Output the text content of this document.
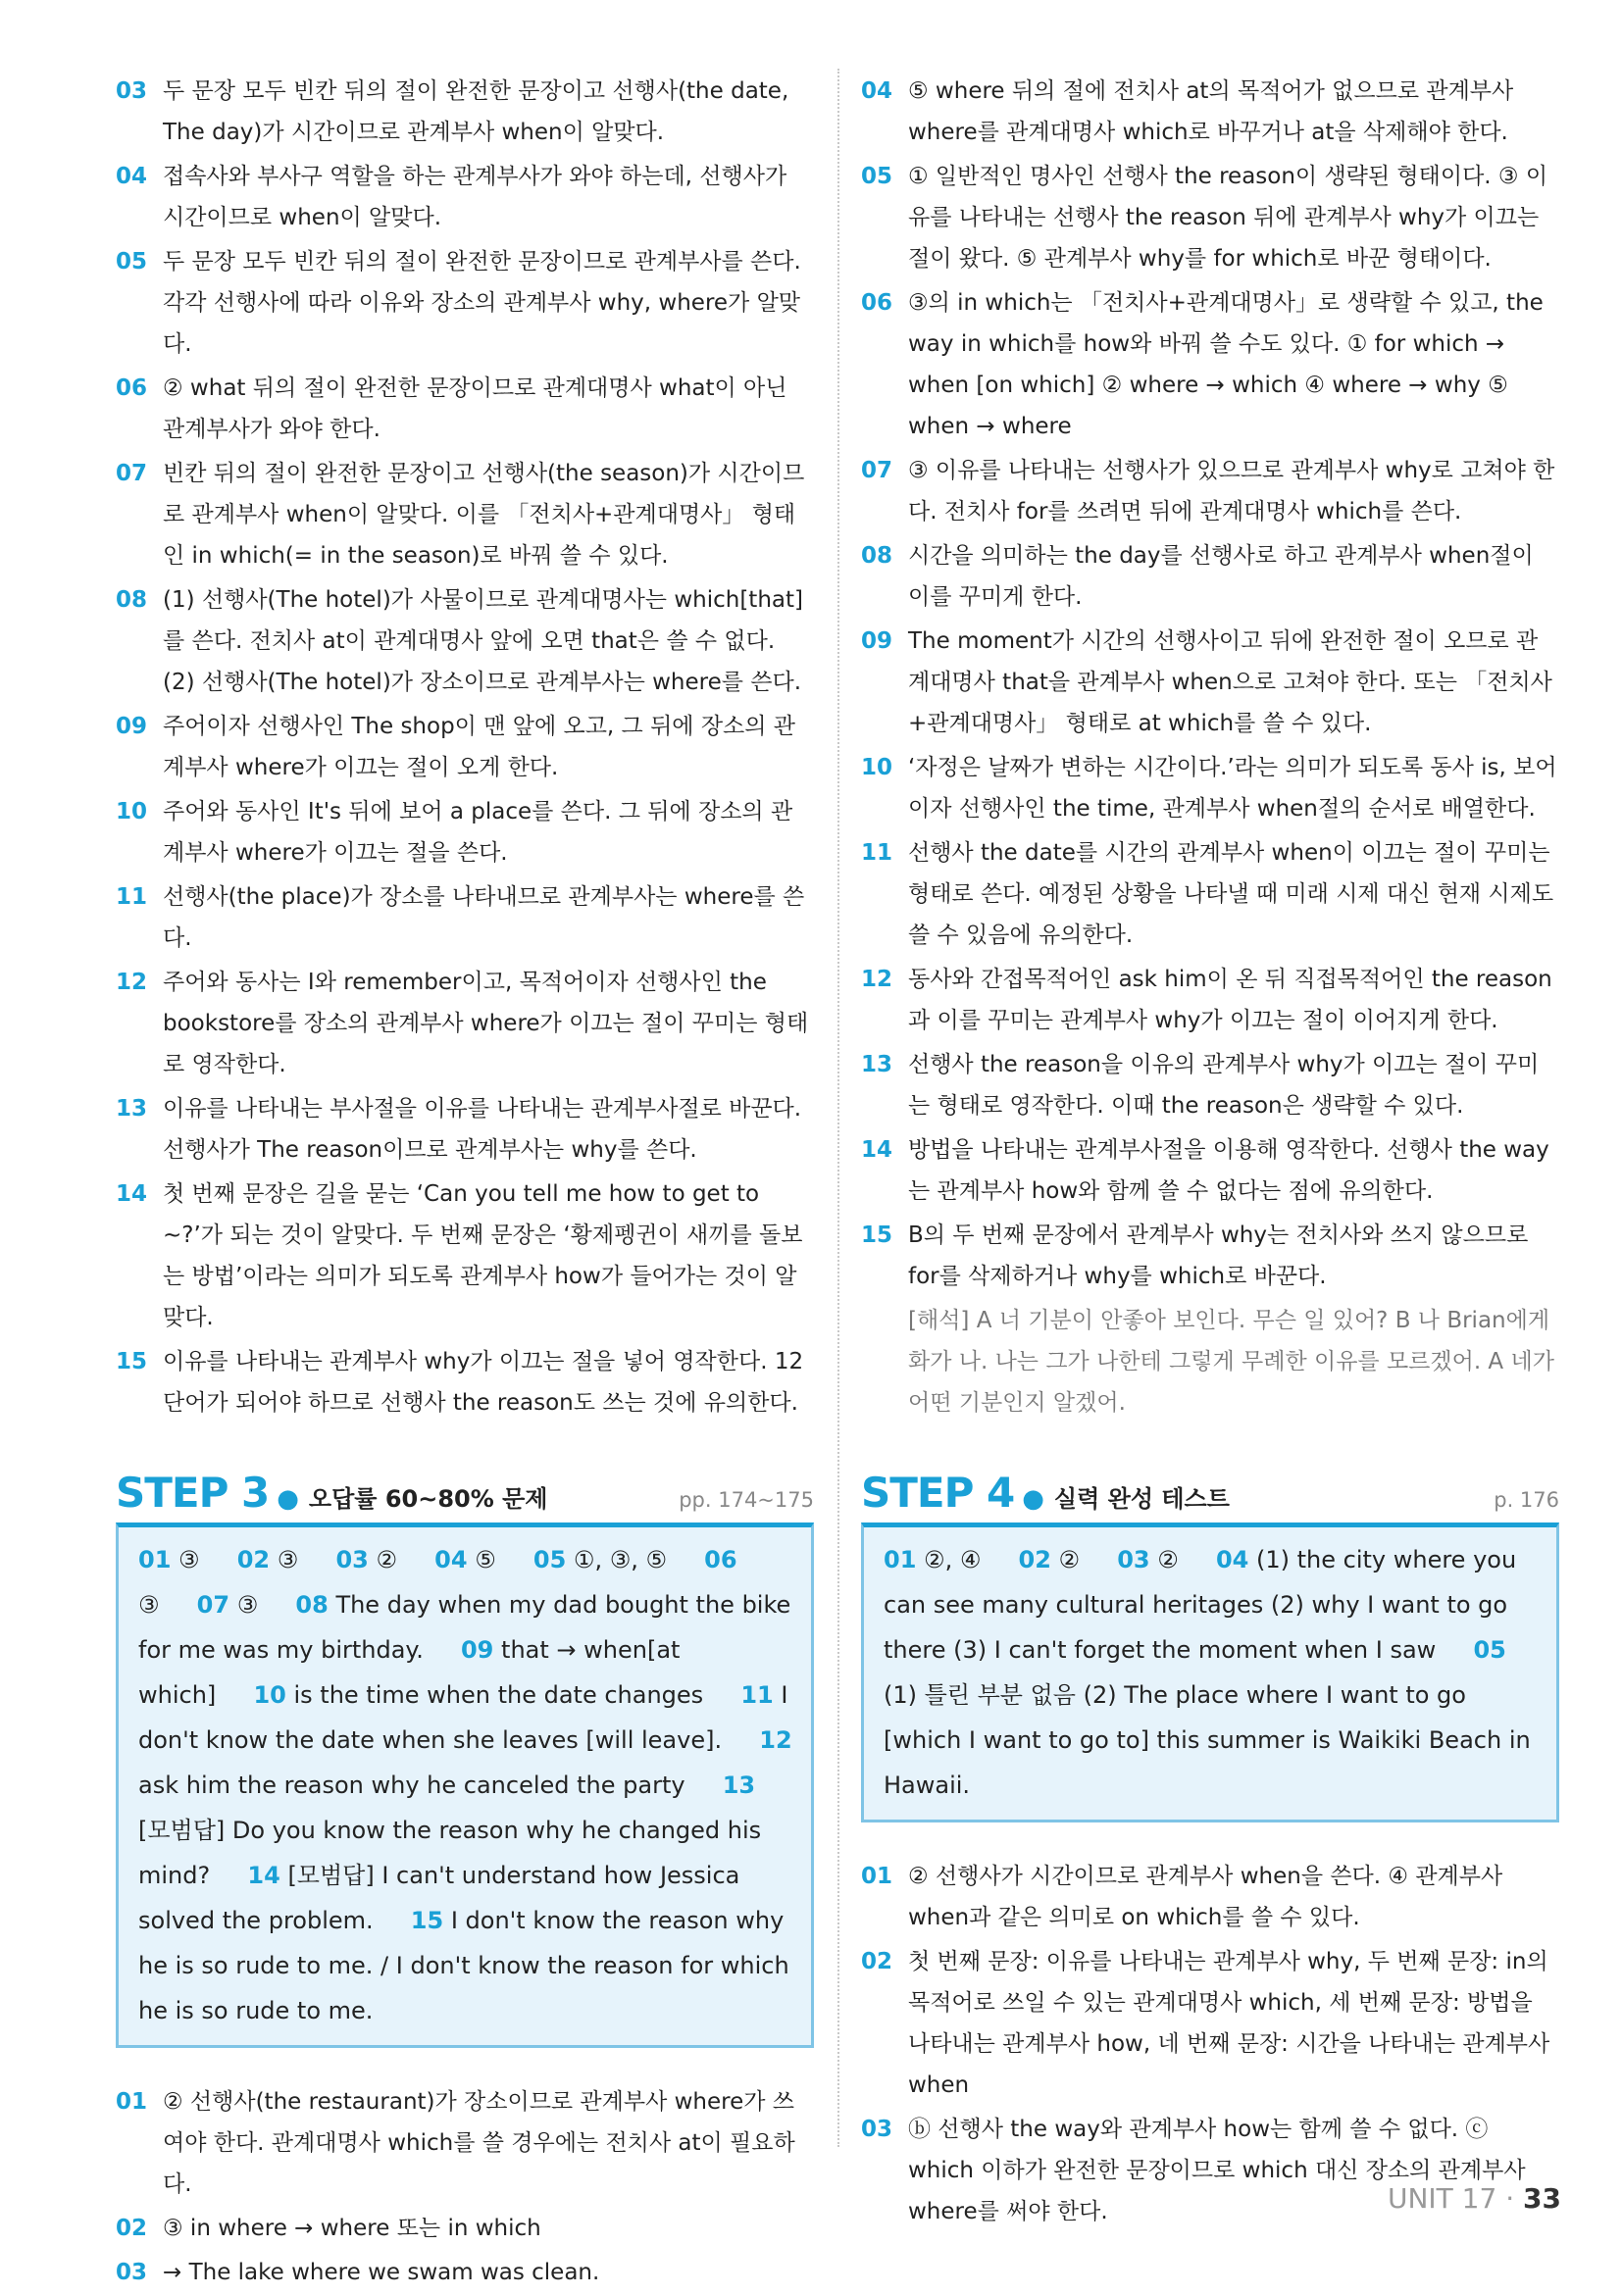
03 두 문장 모두 빈칸 뒤의 절이 완전한 문장이고 선행사(the date, The day)가 시간이므로 관계부사 when이 알맞다.
04 접속사와 부사구 역할을 하는 관계부사가 와야 하는데, 선행사가 시간이므로 when이 알맞다.
05 두 문장 모두 빈칸 뒤의 절이 완전한 문장이므로 관계부사를 쓴다. 각각 선행사에 따라 이유와 장소의 관계부사 why, where가 알맞다.
06 ② what 뒤의 절이 완전한 문장이므로 관계대명사 what이 아닌 관계부사가 와야 한다.
07 빈칸 뒤의 절이 완전한 문장이고 선행사(the season)가 시간이므로 관계부사 when이 알맞다. 이를 「전치사+관계대명사」 형태인 in which(= in the season)로 바꿔 쓸 수 있다.
08 (1) 선행사(The hotel)가 사물이므로 관계대명사는 which[that]를 쓴다. 전치사 at이 관계대명사 앞에 오면 that은 쓸 수 없다. (2) 선행사(The hotel)가 장소이므로 관계부사는 where를 쓴다.
09 주어이자 선행사인 The shop이 맨 앞에 오고, 그 뒤에 장소의 관계부사 where가 이끄는 절이 오게 한다.
10 주어와 동사인 It's 뒤에 보어 a place를 쓴다. 그 뒤에 장소의 관계부사 where가 이끄는 절을 쓴다.
11 선행사(the place)가 장소를 나타내므로 관계부사는 where를 쓴다.
12 주어와 동사는 I와 remember이고, 목적어이자 선행사인 the bookstore를 장소의 관계부사 where가 이끄는 절이 꾸미는 형태로 영작한다.
13 이유를 나타내는 부사절을 이유를 나타내는 관계부사절로 바꾼다. 선행사가 The reason이므로 관계부사는 why를 쓴다.
14 첫 번째 문장은 길을 묻는 ‘Can you tell me how to get to ~?’가 되는 것이 알맞다. 두 번째 문장은 ‘황제펭귄이 새끼를 돌보는 방법’이라는 의미가 되도록 관계부사 how가 들어가는 것이 알맞다.
15 이유를 나타내는 관계부사 why가 이끄는 절을 넣어 영작한다. 12단어가 되어야 하므로 선행사 the reason도 쓰는 것에 유의한다.
STEP 3 ● 오답률 60~80% 문제	pp. 174~175
01 ③ 02 ③ 03 ② 04 ⑤ 05 ①, ③, ⑤ 06 ③ 07 ③ 08 The day when my dad bought the bike for me was my birthday. 09 that → when[at which] 10 is the time when the date changes 11 I don't know the date when she leaves [will leave]. 12 ask him the reason why he canceled the party 13 [모범답] Do you know the reason why he changed his mind? 14 [모범답] I can't understand how Jessica solved the problem. 15 I don't know the reason why he is so rude to me. / I don't know the reason for which he is so rude to me.
01 ② 선행사(the restaurant)가 장소이므로 관계부사 where가 쓰여야 한다. 관계대명사 which를 쓸 경우에는 전치사 at이 필요하다.
02 ③ in where → where 또는 in which
03 → The lake where we swam was clean.
04 ⑤ where 뒤의 절에 전치사 at의 목적어가 없으므로 관계부사 where를 관계대명사 which로 바꾸거나 at을 삭제해야 한다.
05 ① 일반적인 명사인 선행사 the reason이 생략된 형태이다. ③ 이유를 나타내는 선행사 the reason 뒤에 관계부사 why가 이끄는 절이 왔다. ⑤ 관계부사 why를 for which로 바꾼 형태이다.
06 ③의 in which는 「전치사+관계대명사」로 생략할 수 있고, the way in which를 how와 바꿔 쓸 수도 있다. ① for which → when [on which] ② where → which ④ where → why ⑤ when → where
07 ③ 이유를 나타내는 선행사가 있으므로 관계부사 why로 고쳐야 한다. 전치사 for를 쓰려면 뒤에 관계대명사 which를 쓴다.
08 시간을 의미하는 the day를 선행사로 하고 관계부사 when절이 이를 꾸미게 한다.
09 The moment가 시간의 선행사이고 뒤에 완전한 절이 오므로 관계대명사 that을 관계부사 when으로 고쳐야 한다. 또는 「전치사+관계대명사」 형태로 at which를 쓸 수 있다.
10 ‘자정은 날짜가 변하는 시간이다.’라는 의미가 되도록 동사 is, 보어이자 선행사인 the time, 관계부사 when절의 순서로 배열한다.
11 선행사 the date를 시간의 관계부사 when이 이끄는 절이 꾸미는 형태로 쓴다. 예정된 상황을 나타낼 때 미래 시제 대신 현재 시제도 쓸 수 있음에 유의한다.
12 동사와 간접목적어인 ask him이 온 뒤 직접목적어인 the reason과 이를 꾸미는 관계부사 why가 이끄는 절이 이어지게 한다.
13 선행사 the reason을 이유의 관계부사 why가 이끄는 절이 꾸미는 형태로 영작한다. 이때 the reason은 생략할 수 있다.
14 방법을 나타내는 관계부사절을 이용해 영작한다. 선행사 the way는 관계부사 how와 함께 쓸 수 없다는 점에 유의한다.
15 B의 두 번째 문장에서 관계부사 why는 전치사와 쓰지 않으므로 for를 삭제하거나 why를 which로 바꾼다.
[해석] A 너 기분이 안좋아 보인다. 무슨 일 있어? B 나 Brian에게 화가 나. 나는 그가 나한테 그렇게 무례한 이유를 모르겠어. A 네가 어떤 기분인지 알겠어.
STEP 4 ● 실력 완성 테스트	p. 176
01 ②, ④ 02 ② 03 ② 04 (1) the city where you can see many cultural heritages (2) why I want to go there (3) I can't forget the moment when I saw 05 (1) 틀린 부분 없음 (2) The place where I want to go [which I want to go to] this summer is Waikiki Beach in Hawaii.
01 ② 선행사가 시간이므로 관계부사 when을 쓴다. ④ 관계부사 when과 같은 의미로 on which를 쓸 수 있다.
02 첫 번째 문장: 이유를 나타내는 관계부사 why, 두 번째 문장: in의 목적어로 쓰일 수 있는 관계대명사 which, 세 번째 문장: 방법을 나타내는 관계부사 how, 네 번째 문장: 시간을 나타내는 관계부사 when
03 ⓑ 선행사 the way와 관계부사 how는 함께 쓸 수 없다. ⓒ which 이하가 완전한 문장이므로 which 대신 장소의 관계부사 where를 써야 한다.	UNIT 17 · 33
